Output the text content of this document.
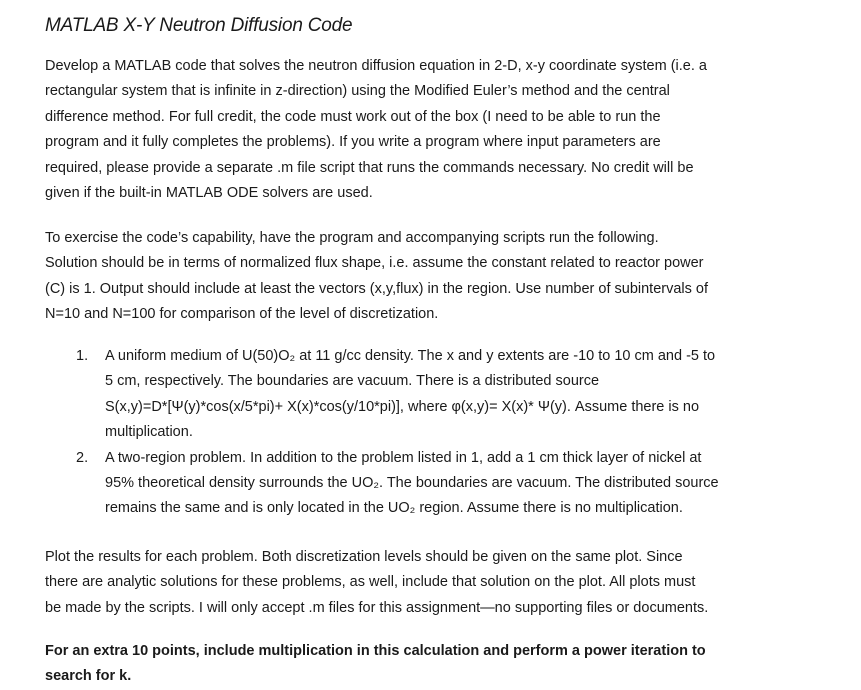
MATLAB X-Y Neutron Diffusion Code
Develop a MATLAB code that solves the neutron diffusion equation in 2-D, x-y coordinate system (i.e. a
rectangular system that is infinite in z-direction) using the Modified Euler’s method and the central
difference method. For full credit, the code must work out of the box (I need to be able to run the
program and it fully completes the problems). If you write a program where input parameters are
required, please provide a separate .m file script that runs the commands necessary. No credit will be
given if the built-in MATLAB ODE solvers are used.
To exercise the code’s capability, have the program and accompanying scripts run the following.
Solution should be in terms of normalized flux shape, i.e. assume the constant related to reactor power
(C) is 1. Output should include at least the vectors (x,y,flux) in the region. Use number of subintervals of
N=10 and N=100 for comparison of the level of discretization.
1. A uniform medium of U(50)O₂ at 11 g/cc density. The x and y extents are -10 to 10 cm and -5 to
5 cm, respectively. The boundaries are vacuum. There is a distributed source
S(x,y)=D*[Ψ(y)*cos(x/5*pi)+ Χ(x)*cos(y/10*pi)], where φ(x,y)= Χ(x)* Ψ(y). Assume there is no
multiplication.
2. A two-region problem. In addition to the problem listed in 1, add a 1 cm thick layer of nickel at
95% theoretical density surrounds the UO₂. The boundaries are vacuum. The distributed source
remains the same and is only located in the UO₂ region. Assume there is no multiplication.
Plot the results for each problem. Both discretization levels should be given on the same plot. Since
there are analytic solutions for these problems, as well, include that solution on the plot. All plots must
be made by the scripts. I will only accept .m files for this assignment—no supporting files or documents.
For an extra 10 points, include multiplication in this calculation and perform a power iteration to
search for k.
